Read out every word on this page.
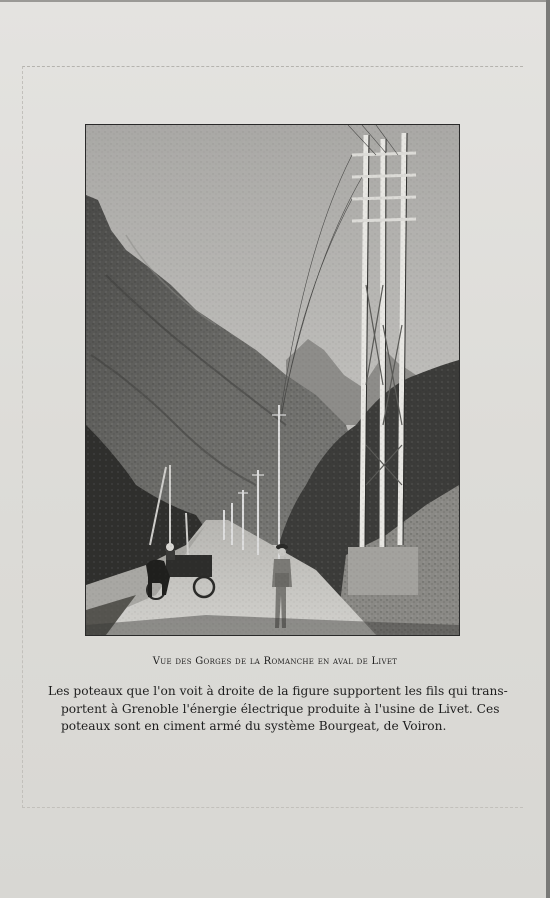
Vue des Gorges de la Romanche en aval de Livet
Les poteaux que l'on voit à droite de la figure supportent les fils qui trans-
portent à Grenoble l'énergie électrique produite à l'usine de Livet. Ces
poteaux sont en ciment armé du système Bourgeat, de Voiron.
